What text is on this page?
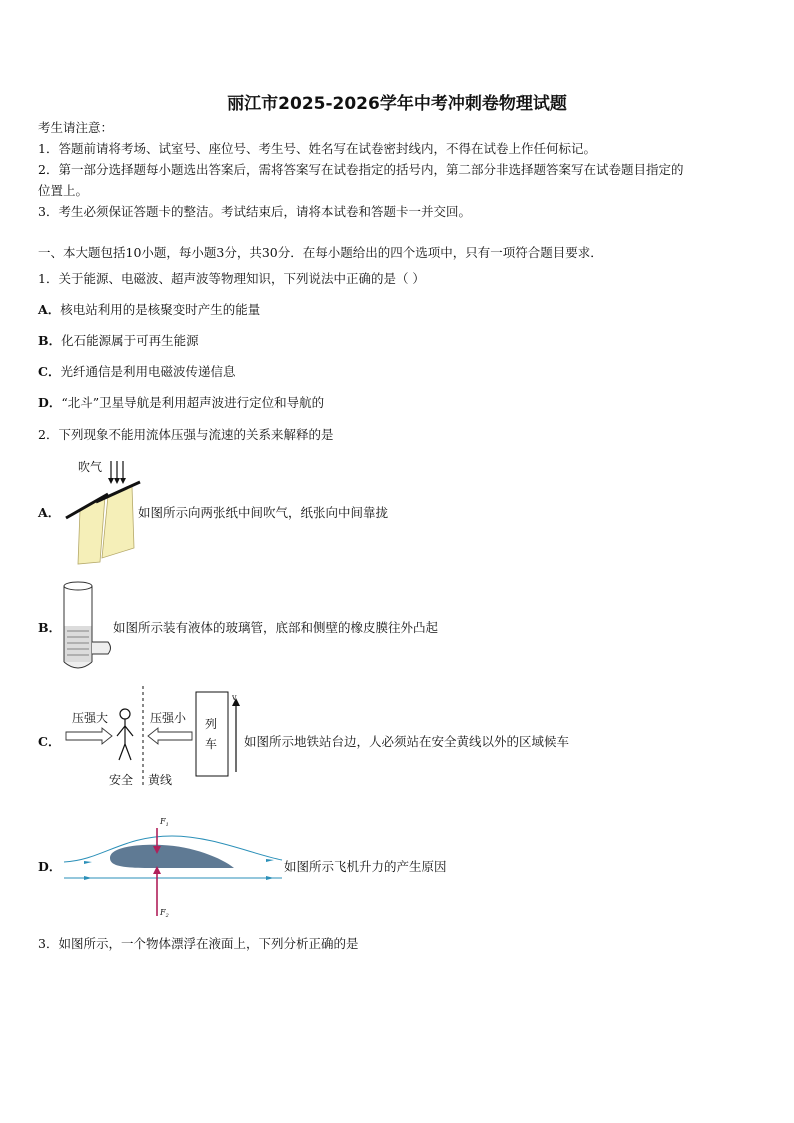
丽江市2025-2026学年中考冲刺卷物理试题
考生请注意：
1．答题前请将考场、试室号、座位号、考生号、姓名写在试卷密封线内，不得在试卷上作任何标记。
2．第一部分选择题每小题选出答案后，需将答案写在试卷指定的括号内，第二部分非选择题答案写在试卷题目指定的
位置上。
3．考生必须保证答题卡的整洁。考试结束后，请将本试卷和答题卡一并交回。
一、本大题包括10小题，每小题3分，共30分．在每小题给出的四个选项中，只有一项符合题目要求．
1．关于能源、电磁波、超声波等物理知识，下列说法中正确的是（ ）
A．核电站利用的是核聚变时产生的能量
B．化石能源属于可再生能源
C．光纤通信是利用电磁波传递信息
D．“北斗”卫星导航是利用超声波进行定位和导航的
2．下列现象不能用流体压强与流速的关系来解释的是
A．
吹气
如图所示向两张纸中间吹气，纸张向中间靠拢
B．	如图所示装有液体的玻璃管，底部和侧壁的橡皮膜往外凸起
C．
压强大	压强小
安全 黄线
列
车
v
如图所示地铁站台边，人必须站在安全黄线以外的区域候车
D．
$F_1$
$F_2$
如图所示飞机升力的产生原因
3．如图所示，一个物体漂浮在液面上，下列分析正确的是
